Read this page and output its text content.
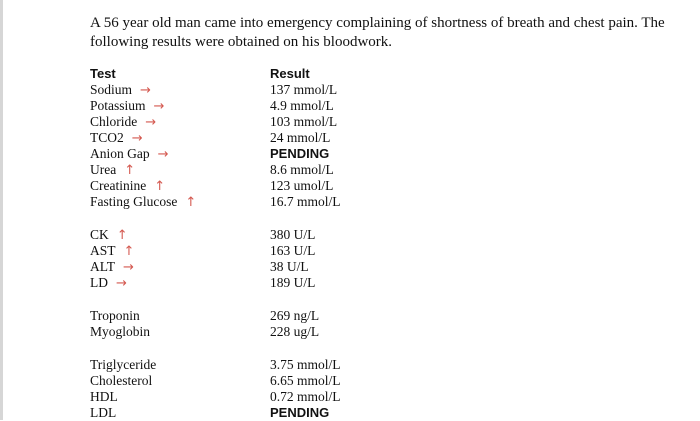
A 56 year old man came into emergency complaining of shortness of breath and chest pain. The following results were obtained on his bloodwork.
Test	Result
Sodium →	137 mmol/L
Potassium →	4.9 mmol/L
Chloride →	103 mmol/L
TCO2 →	24 mmol/L
Anion Gap →	PENDING
Urea ↑	8.6 mmol/L
Creatinine ↑	123 umol/L
Fasting Glucose ↑	16.7 mmol/L
CK ↑	380 U/L
AST ↑	163 U/L
ALT →	38 U/L
LD →	189 U/L
Troponin	269 ng/L
Myoglobin	228 ug/L
Triglyceride	3.75 mmol/L
Cholesterol	6.65 mmol/L
HDL	0.72 mmol/L
LDL	PENDING
